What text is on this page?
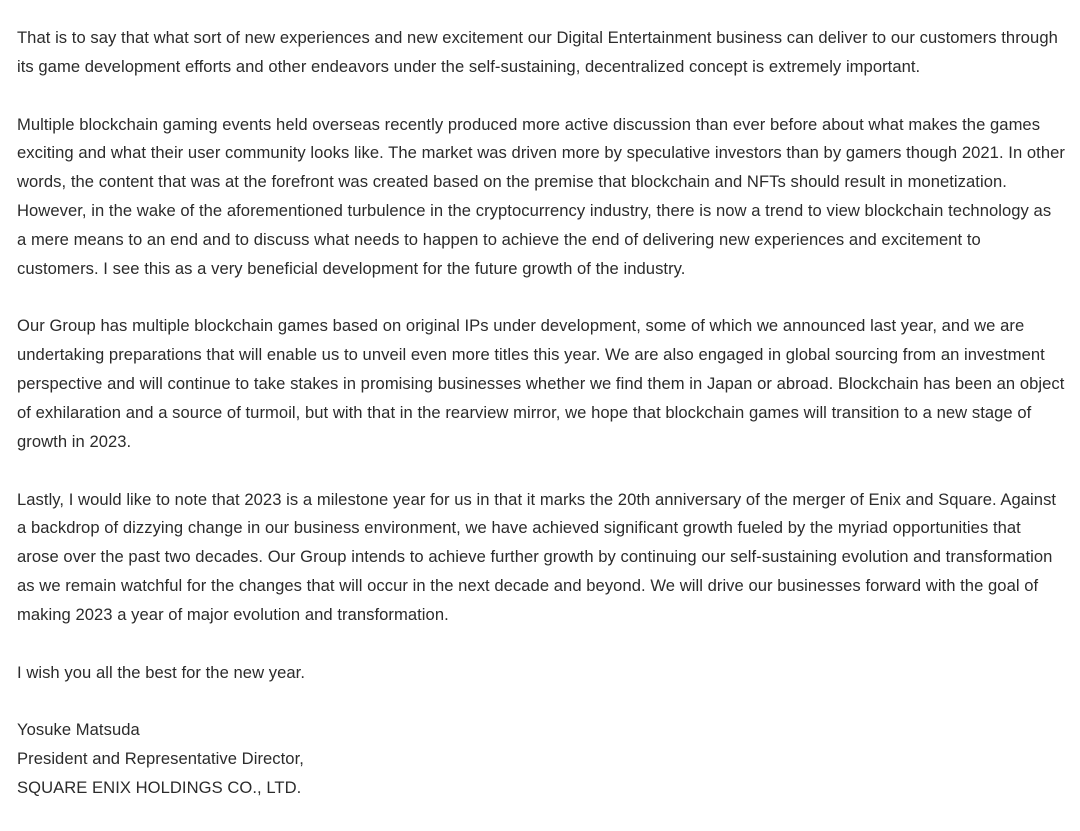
That is to say that what sort of new experiences and new excitement our Digital Entertainment business can deliver to our customers through its game development efforts and other endeavors under the self-sustaining, decentralized concept is extremely important.

Multiple blockchain gaming events held overseas recently produced more active discussion than ever before about what makes the games exciting and what their user community looks like. The market was driven more by speculative investors than by gamers though 2021. In other words, the content that was at the forefront was created based on the premise that blockchain and NFTs should result in monetization. However, in the wake of the aforementioned turbulence in the cryptocurrency industry, there is now a trend to view blockchain technology as a mere means to an end and to discuss what needs to happen to achieve the end of delivering new experiences and excitement to customers. I see this as a very beneficial development for the future growth of the industry.

Our Group has multiple blockchain games based on original IPs under development, some of which we announced last year, and we are undertaking preparations that will enable us to unveil even more titles this year. We are also engaged in global sourcing from an investment perspective and will continue to take stakes in promising businesses whether we find them in Japan or abroad. Blockchain has been an object of exhilaration and a source of turmoil, but with that in the rearview mirror, we hope that blockchain games will transition to a new stage of growth in 2023.

Lastly, I would like to note that 2023 is a milestone year for us in that it marks the 20th anniversary of the merger of Enix and Square. Against a backdrop of dizzying change in our business environment, we have achieved significant growth fueled by the myriad opportunities that arose over the past two decades. Our Group intends to achieve further growth by continuing our self-sustaining evolution and transformation as we remain watchful for the changes that will occur in the next decade and beyond. We will drive our businesses forward with the goal of making 2023 a year of major evolution and transformation.

I wish you all the best for the new year.

Yosuke Matsuda
President and Representative Director,
SQUARE ENIX HOLDINGS CO., LTD.
